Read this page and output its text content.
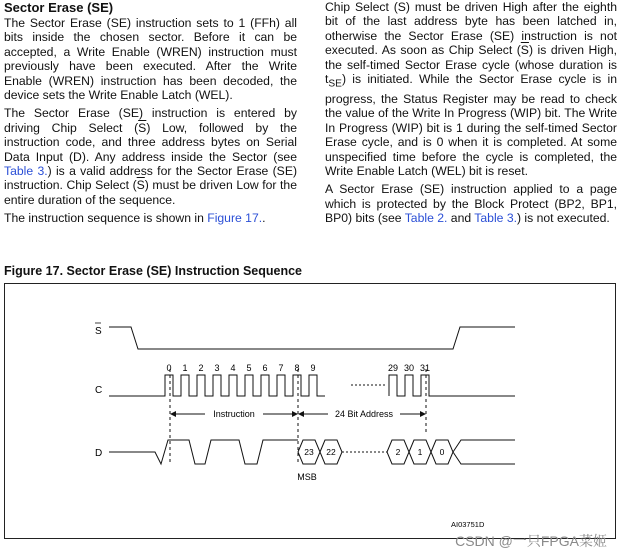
Sector Erase (SE)

The Sector Erase (SE) instruction sets to 1 (FFh) all bits inside the chosen sector. Before it can be accepted, a Write Enable (WREN) instruction must previously have been executed. After the Write Enable (WREN) instruction has been decoded, the device sets the Write Enable Latch (WEL).

The Sector Erase (SE) instruction is entered by driving Chip Select $(\overline{S})$ Low, followed by the instruction code, and three address bytes on Serial Data Input (D). Any address inside the Sector (see Table 3.) is a valid address for the Sector Erase (SE) instruction. Chip Select $(\overline{S})$ must be driven Low for the entire duration of the sequence.

The instruction sequence is shown in Figure 17..

Chip Select $(\overline{S})$ must be driven High after the eighth bit of the last address byte has been latched in, otherwise the Sector Erase (SE) instruction is not executed. As soon as Chip Select $(\overline{S})$ is driven High, the self-timed Sector Erase cycle (whose duration is $t_{SE}$) is initiated. While the Sector Erase cycle is in progress, the Status Register may be read to check the value of the Write In Progress (WIP) bit. The Write In Progress (WIP) bit is 1 during the self-timed Sector Erase cycle, and is 0 when it is completed. At some unspecified time before the cycle is completed, the Write Enable Latch (WEL) bit is reset.

A Sector Erase (SE) instruction applied to a page which is protected by the Block Protect (BP2, BP1, BP0) bits (see Table 2. and Table 3.) is not executed.

Figure 17. Sector Erase (SE) Instruction Sequence

S
C
D
0 1 2 3 4 5 6 7 8 9	29 30 31
Instruction	24 Bit Address
23 22	2 1 0
MSB
AI03751D
CSDN @一只FPGA菜姬
